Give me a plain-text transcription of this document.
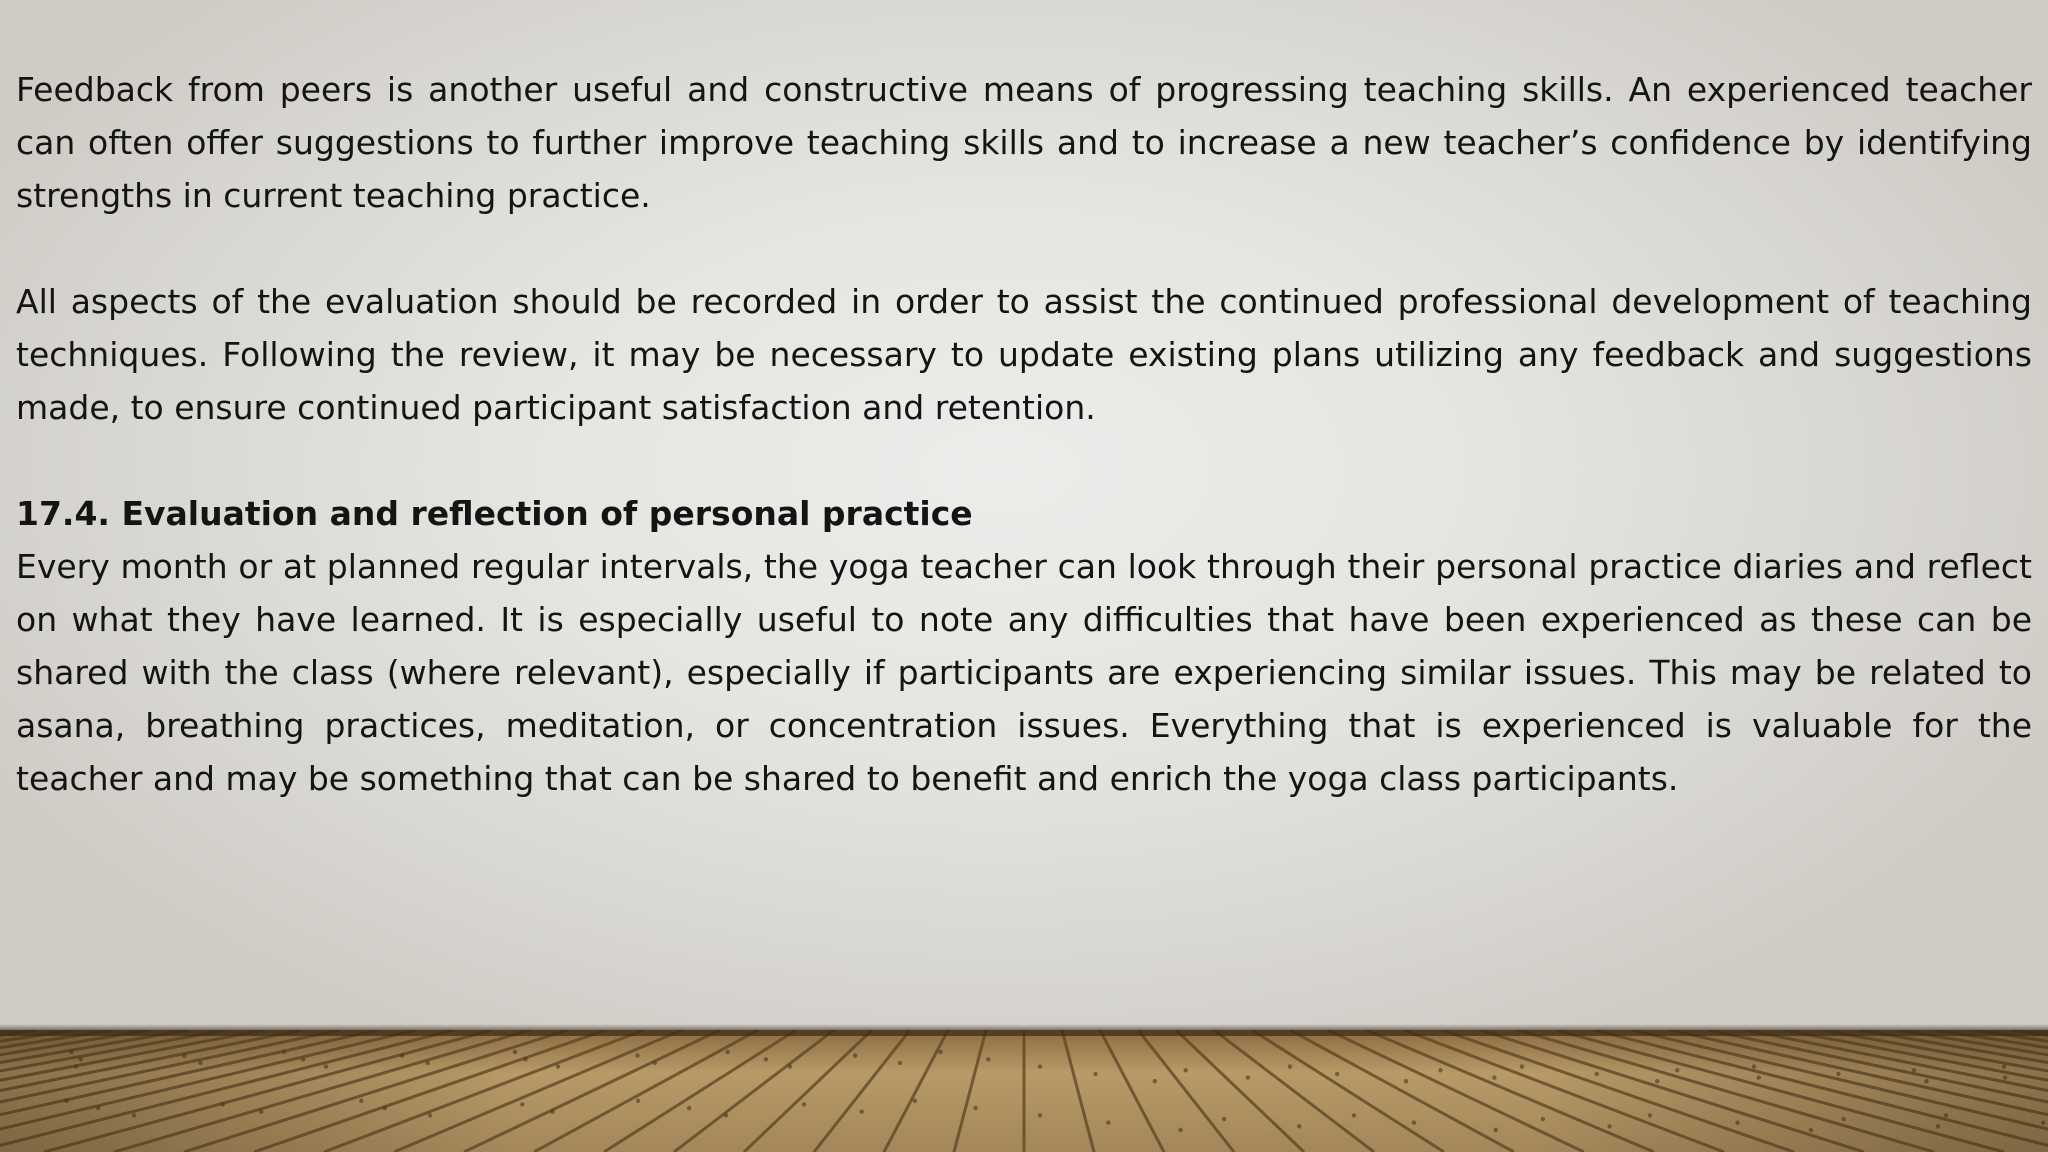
Feedback from peers is another useful and constructive means of progressing teaching skills. An experienced teacher can often offer suggestions to further improve teaching skills and to increase a new teacher’s confidence by identifying strengths in current teaching practice.

All aspects of the evaluation should be recorded in order to assist the continued professional development of teaching techniques. Following the review, it may be necessary to update existing plans utilizing any feedback and suggestions made, to ensure continued participant satisfaction and retention.

17.4. Evaluation and reflection of personal practice

Every month or at planned regular intervals, the yoga teacher can look through their personal practice diaries and reflect on what they have learned. It is especially useful to note any difficulties that have been experienced as these can be shared with the class (where relevant), especially if participants are experiencing similar issues. This may be related to asana, breathing practices, meditation, or concentration issues. Everything that is experienced is valuable for the teacher and may be something that can be shared to benefit and enrich the yoga class participants.
